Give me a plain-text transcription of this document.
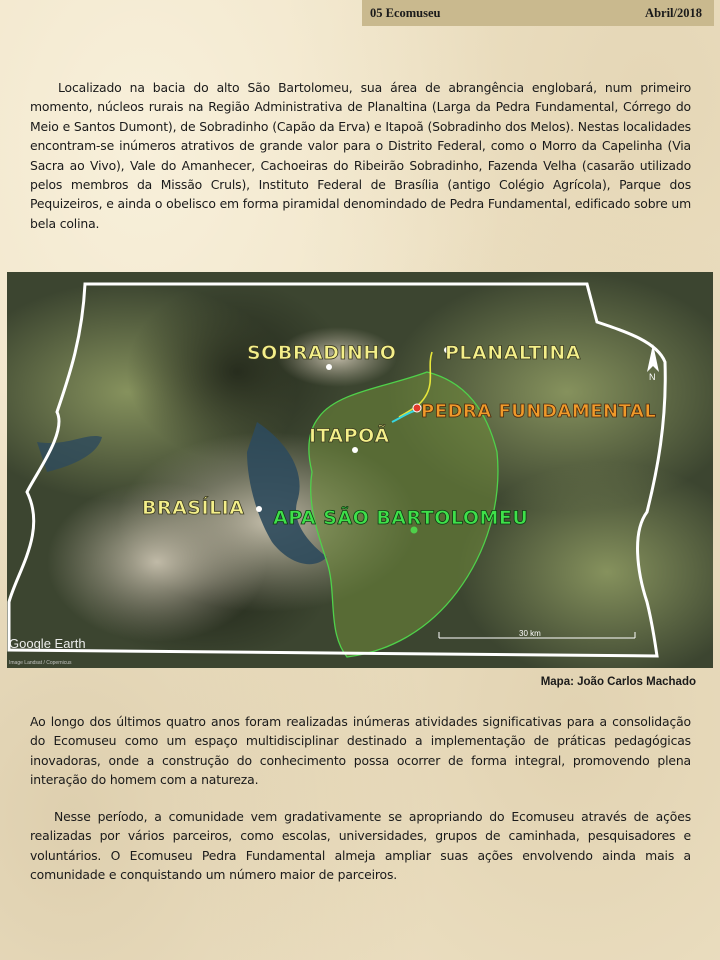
05 Ecomuseu	Abril/2018

Localizado na bacia do alto São Bartolomeu, sua área de abrangência englobará, num primeiro momento, núcleos rurais na Região Administrativa de Planaltina (Larga da Pedra Fundamental, Córrego do Meio e Santos Dumont), de Sobradinho (Capão da Erva) e Itapoã (Sobradinho dos Melos). Nestas localidades encontram-se inúmeros atrativos de grande valor para o Distrito Federal, como o Morro da Capelinha (Via Sacra ao Vivo), Vale do Amanhecer, Cachoeiras do Ribeirão Sobradinho, Fazenda Velha (casarão utilizado pelos membros da Missão Cruls), Instituto Federal de Brasília (antigo Colégio Agrícola), Parque dos Pequizeiros, e ainda o obelisco em forma piramidal denomindado de Pedra Fundamental, edificado sobre um bela colina.

SOBRADINHO	PLANALTINA
PEDRA FUNDAMENTAL
ITAPOÃ
BRASÍLIA APA SÃO BARTOLOMEU
N
30 km
Google Earth
Image Landsat / Copernicus
Mapa: João Carlos Machado

Ao longo dos últimos quatro anos foram realizadas inúmeras atividades significativas para a consolidação do Ecomuseu como um espaço multidisciplinar destinado a implementação de práticas pedagógicas inovadoras, onde a construção do conhecimento possa ocorrer de forma integral, promovendo plena interação do homem com a natureza.

Nesse período, a comunidade vem gradativamente se apropriando do Ecomuseu através de ações realizadas por vários parceiros, como escolas, universidades, grupos de caminhada, pesquisadores e voluntários. O Ecomuseu Pedra Fundamental almeja ampliar suas ações envolvendo ainda mais a comunidade e conquistando um número maior de parceiros.
